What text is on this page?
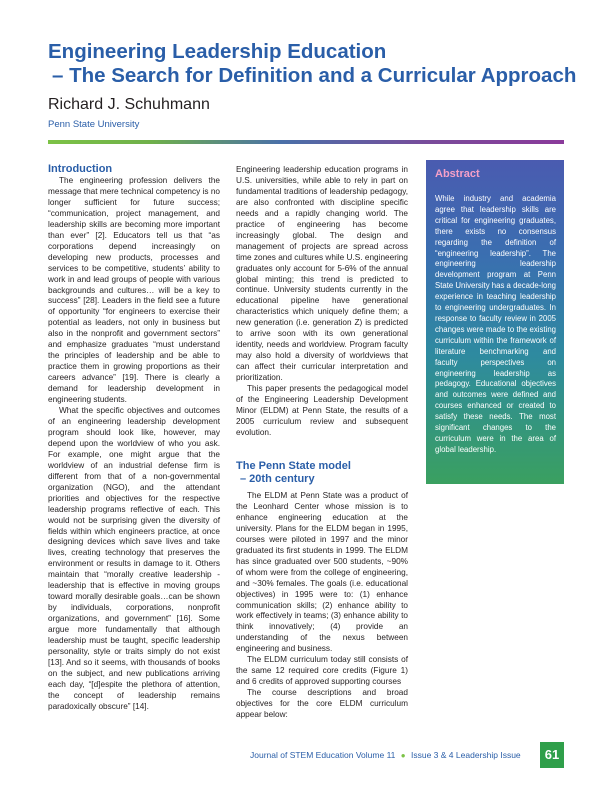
Engineering Leadership Education
– The Search for Definition and a Curricular Approach
Richard J. Schuhmann
Penn State University
Introduction

The engineering profession delivers the message that mere technical competency is no longer sufficient for future success; “communication, project management, and leadership skills are becoming more important than ever” [2]. Educators tell us that “as corporations depend increasingly on developing new products, processes and services to be competitive, students’ ability to work in and lead groups of people with various backgrounds and cultures… will be a key to success” [28]. Leaders in the field see a future of opportunity “for engineers to exercise their potential as leaders, not only in business but also in the nonprofit and government sectors” and emphasize graduates “must understand the principles of leadership and be able to practice them in growing proportions as their careers advance” [19]. There is clearly a demand for leadership development in engineering students.

What the specific objectives and outcomes of an engineering leadership development program should look like, however, may depend upon the worldview of who you ask. For example, one might argue that the worldview of an industrial defense firm is different from that of a non-governmental organization (NGO), and the attendant priorities and objectives for the respective leadership programs reflective of each. This would not be surprising given the diversity of fields within which engineers practice, at once designing devices which save lives and take lives, creating technology that preserves the environment or results in damage to it. Others maintain that “morally creative leadership - leadership that is effective in moving groups toward morally desirable goals…can be shown by individuals, corporations, nonprofit organizations, and government” [16]. Some argue more fundamentally that although leadership must be taught, specific leadership personality, style or traits simply do not exist [13]. And so it seems, with thousands of books on the subject, and new publications arriving each day, “[d]espite the plethora of attention, the concept of leadership remains paradoxically obscure” [14].

Engineering leadership education programs in U.S. universities, while able to rely in part on fundamental traditions of leadership pedagogy, are also confronted with discipline specific needs and a rapidly changing world. The practice of engineering has become increasingly global. The design and management of projects are spread across time zones and cultures while U.S. engineering graduates only account for 5-6% of the annual global minting; this trend is predicted to continue. University students currently in the educational pipeline have generational characteristics which uniquely define them; a new generation (i.e. generation Z) is predicted to arrive soon with its own generational identity, needs and worldview. Program faculty may also hold a diversity of worldviews that can affect their curricular interpretation and prioritization.

This paper presents the pedagogical model of the Engineering Leadership Development Minor (ELDM) at Penn State, the results of a 2005 curriculum review and subsequent evolution.

The Penn State model
– 20th century

The ELDM at Penn State was a product of the Leonhard Center whose mission is to enhance engineering education at the university. Plans for the ELDM began in 1995, courses were piloted in 1997 and the minor graduated its first students in 1999. The ELDM has since graduated over 500 students, ~90% of whom were from the college of engineering, and ~30% females. The goals (i.e. educational objectives) in 1995 were to: (1) enhance communication skills; (2) enhance ability to work effectively in teams; (3) enhance ability to think innovatively; (4) provide an understanding of the nexus between engineering and business.

The ELDM curriculum today still consists of the same 12 required core credits (Figure 1) and 6 credits of approved supporting courses

The course descriptions and broad objectives for the core ELDM curriculum appear below:

Abstract
While industry and academia agree that leadership skills are critical for engineering graduates, there exists no consensus regarding the definition of “engineering leadership”. The engineering leadership development program at Penn State University has a decade-long experience in teaching leadership to engineering undergraduates. In response to faculty review in 2005 changes were made to the existing curriculum within the framework of literature benchmarking and faculty perspectives on engineering leadership as pedagogy. Educational objectives and outcomes were defined and courses enhanced or created to satisfy these needs. The most significant changes to the curriculum were in the area of global leadership.
Journal of STEM Education Volume 11 ● Issue 3 & 4 Leadership Issue	61
